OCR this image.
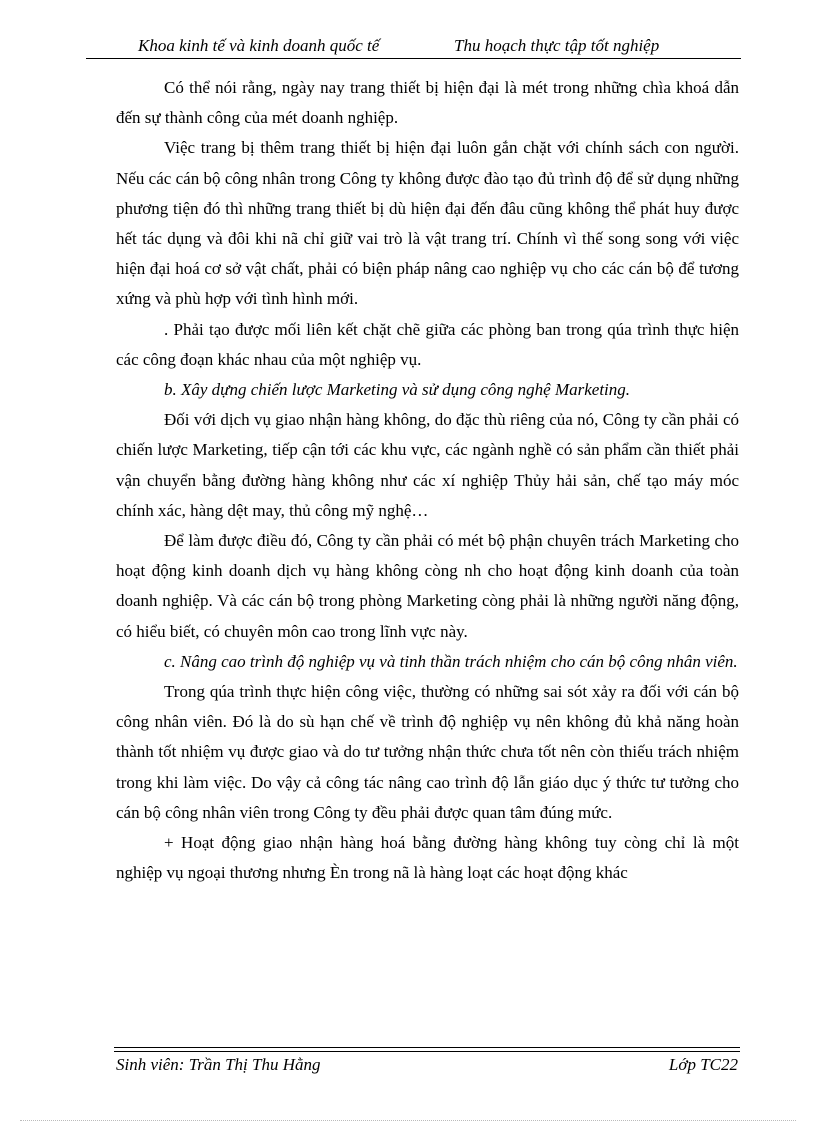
Khoa kinh tế và kinh doanh quốc tế	Thu hoạch thực tập tốt nghiệp

Có thể nói rằng, ngày nay trang thiết bị hiện đại là mét trong những chìa khoá dẫn đến sự thành công của mét doanh nghiệp.

Việc trang bị thêm trang thiết bị hiện đại luôn gắn chặt với chính sách con người. Nếu các cán bộ công nhân trong Công ty không được đào tạo đủ trình độ để sử dụng những phương tiện đó thì những trang thiết bị dù hiện đại đến đâu cũng không thể phát huy được hết tác dụng và đôi khi nã chỉ giữ vai trò là vật trang trí. Chính vì thế song song với việc hiện đại hoá cơ sở vật chất, phải có biện pháp nâng cao nghiệp vụ cho các cán bộ để tương xứng và phù hợp với tình hình mới.

. Phải tạo được mối liên kết chặt chẽ giữa các phòng ban trong qúa trình thực hiện các công đoạn khác nhau của một nghiệp vụ.

b. Xây dựng chiến lược Marketing và sử dụng công nghệ Marketing.

Đối với dịch vụ giao nhận hàng không, do đặc thù riêng của nó, Công ty cần phải có chiến lược Marketing, tiếp cận tới các khu vực, các ngành nghề có sản phẩm cần thiết phải vận chuyển bằng đường hàng không như các xí nghiệp Thủy hải sản, chế tạo máy móc chính xác, hàng dệt may, thủ công mỹ nghệ…

Để làm được điều đó, Công ty cần phải có mét bộ phận chuyên trách Marketing cho hoạt động kinh doanh dịch vụ hàng không còng nh cho hoạt động kinh doanh của toàn doanh nghiệp. Và các cán bộ trong phòng Marketing còng phải là những người năng động, có hiểu biết, có chuyên môn cao trong lĩnh vực này.

c. Nâng cao trình độ nghiệp vụ và tinh thần trách nhiệm cho cán bộ công nhân viên.

Trong qúa trình thực hiện công việc, thường có những sai sót xảy ra đối với cán bộ công nhân viên. Đó là do sù hạn chế về trình độ nghiệp vụ nên không đủ khả năng hoàn thành tốt nhiệm vụ được giao và do tư tưởng nhận thức chưa tốt nên còn thiếu trách nhiệm trong khi làm việc. Do vậy cả công tác nâng cao trình độ lẫn giáo dục ý thức tư tưởng cho cán bộ công nhân viên trong Công ty đều phải được quan tâm đúng mức.

+ Hoạt động giao nhận hàng hoá bằng đường hàng không tuy còng chỉ là một nghiệp vụ ngoại thương nhưng Èn trong nã là hàng loạt các hoạt động khác

Sinh viên: Trần Thị Thu Hằng	Lớp TC22
